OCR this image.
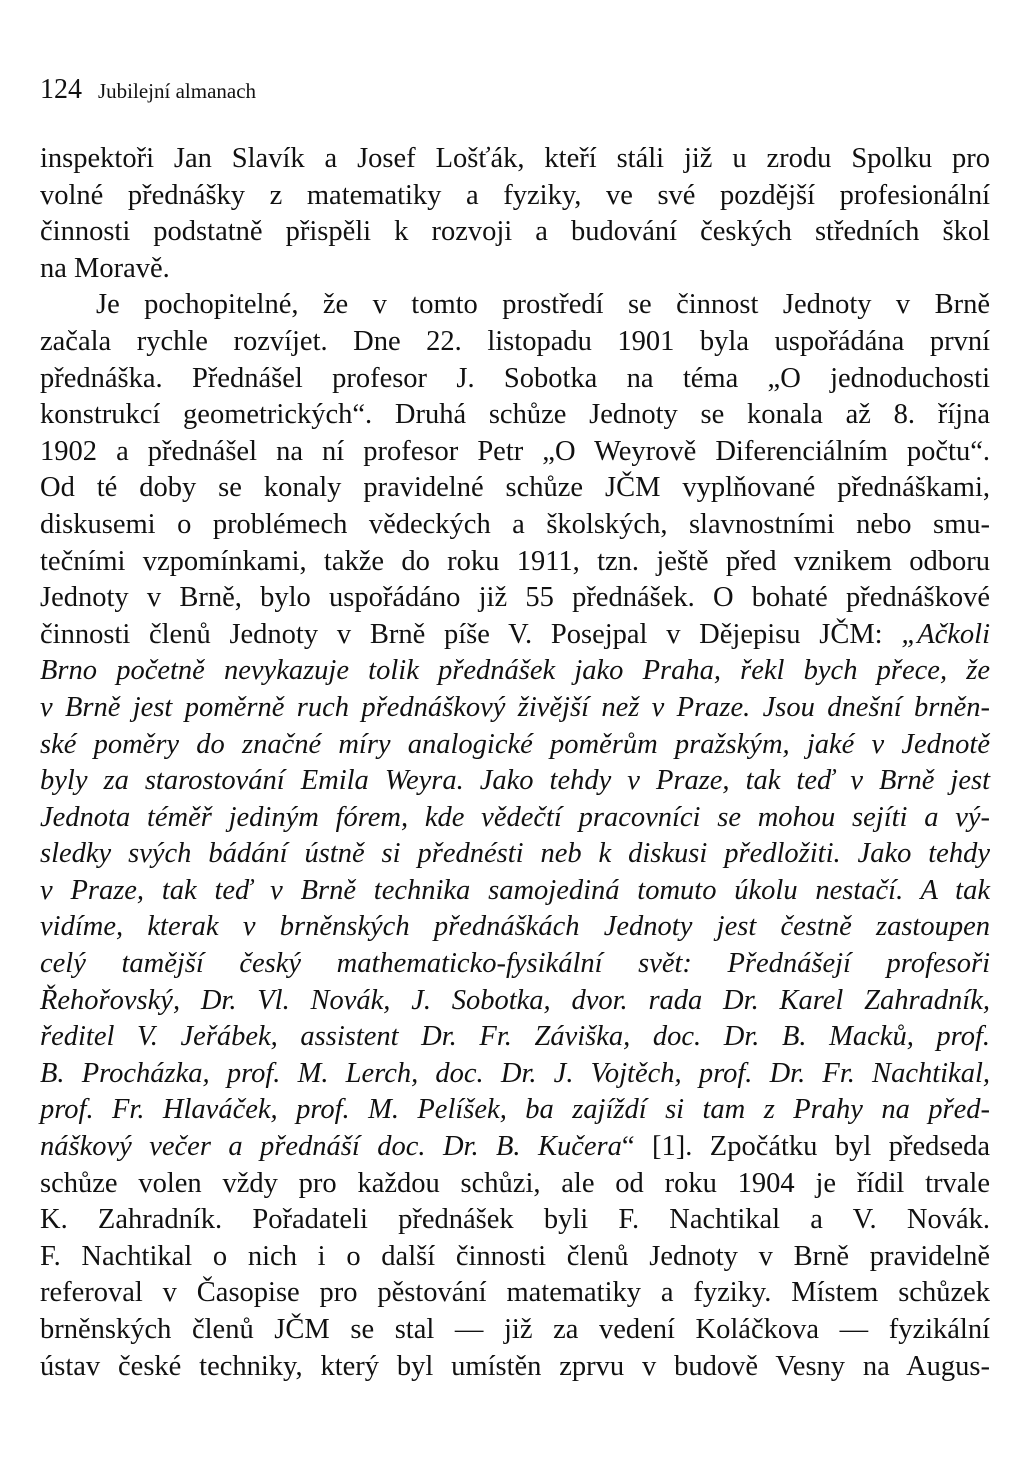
124 Jubilejní almanach
inspektoři Jan Slavík a Josef Lošťák, kteří stáli již u zrodu Spolku pro
volné přednášky z matematiky a fyziky, ve své pozdější profesionální
činnosti podstatně přispěli k rozvoji a budování českých středních škol
na Moravě.
Je pochopitelné, že v tomto prostředí se činnost Jednoty v Brně
začala rychle rozvíjet. Dne 22. listopadu 1901 byla uspořádána první
přednáška. Přednášel profesor J. Sobotka na téma „O jednoduchosti
konstrukcí geometrických“. Druhá schůze Jednoty se konala až 8. října
1902 a přednášel na ní profesor Petr „O Weyrově Diferenciálním počtu“.
Od té doby se konaly pravidelné schůze JČM vyplňované přednáškami,
diskusemi o problémech vědeckých a školských, slavnostními nebo smu-
tečními vzpomínkami, takže do roku 1911, tzn. ještě před vznikem odboru
Jednoty v Brně, bylo uspořádáno již 55 přednášek. O bohaté přednáškové
činnosti členů Jednoty v Brně píše V. Posejpal v Dějepisu JČM: „Ačkoli
Brno početně nevykazuje tolik přednášek jako Praha, řekl bych přece, že
v Brně jest poměrně ruch přednáškový živější než v Praze. Jsou dnešní brněn-
ské poměry do značné míry analogické poměrům pražským, jaké v Jednotě
byly za starostování Emila Weyra. Jako tehdy v Praze, tak teď v Brně jest
Jednota téměř jediným fórem, kde vědečtí pracovníci se mohou sejíti a vý-
sledky svých bádání ústně si přednésti neb k diskusi předložiti. Jako tehdy
v Praze, tak teď v Brně technika samojediná tomuto úkolu nestačí. A tak
vidíme, kterak v brněnských přednáškách Jednoty jest čestně zastoupen
celý tamější český mathematicko-fysikální svět: Přednášejí profesoři
Řehořovský, Dr. Vl. Novák, J. Sobotka, dvor. rada Dr. Karel Zahradník,
ředitel V. Jeřábek, assistent Dr. Fr. Záviška, doc. Dr. B. Macků, prof.
B. Procházka, prof. M. Lerch, doc. Dr. J. Vojtěch, prof. Dr. Fr. Nachtikal,
prof. Fr. Hlaváček, prof. M. Pelíšek, ba zajíždí si tam z Prahy na před-
náškový večer a přednáší doc. Dr. B. Kučera“ [1]. Zpočátku byl předseda
schůze volen vždy pro každou schůzi, ale od roku 1904 je řídil trvale
K. Zahradník. Pořadateli přednášek byli F. Nachtikal a V. Novák.
F. Nachtikal o nich i o další činnosti členů Jednoty v Brně pravidelně
referoval v Časopise pro pěstování matematiky a fyziky. Místem schůzek
brněnských členů JČM se stal — již za vedení Koláčkova — fyzikální
ústav české techniky, který byl umístěn zprvu v budově Vesny na Augus-
